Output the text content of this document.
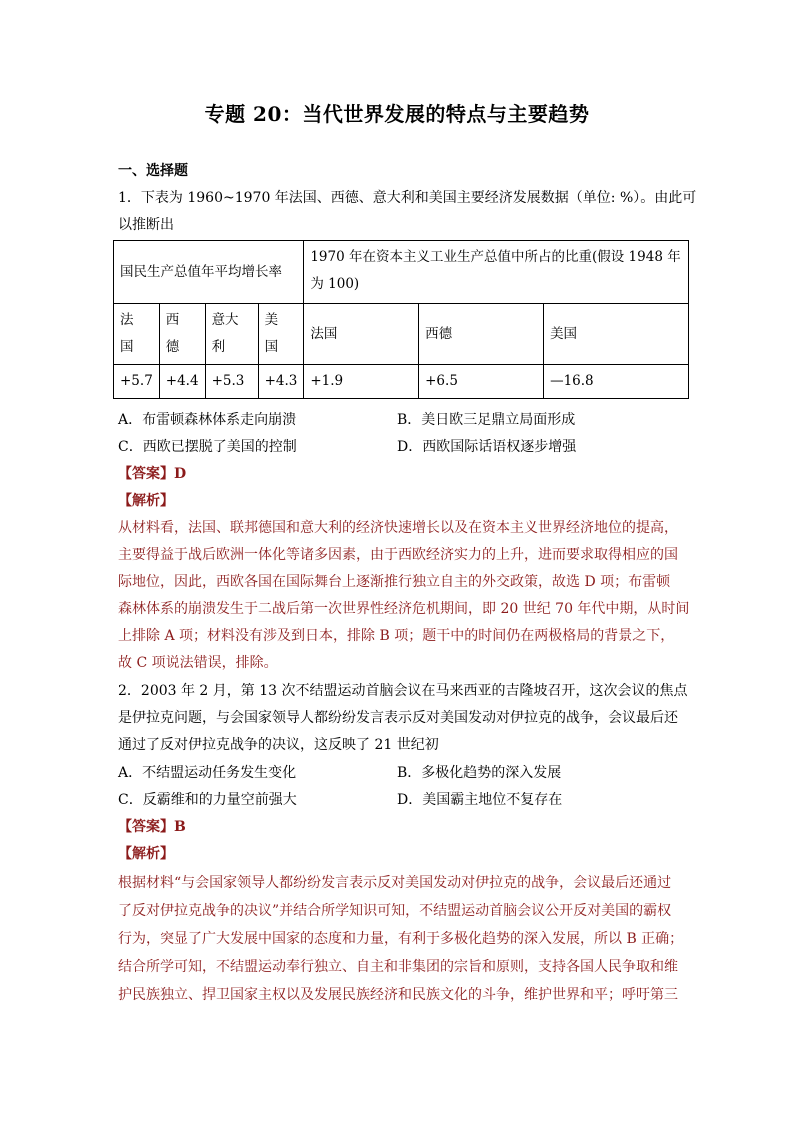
专题 20：当代世界发展的特点与主要趋势
一、选择题
1．下表为 1960~1970 年法国、西德、意大利和美国主要经济发展数据（单位: %）。由此可
以推断出
国民生产总值年平均增长率				1970 年在资本主义工业生产总值中所占的比重(假设 1948 年
为 100)		

法
国	西
德	意大
利	美
国	法国	西德	美国
+5.7	+4.4	+5.3	+4.3	+1.9	+6.5	—16.8
A．布雷顿森林体系走向崩溃	B．美日欧三足鼎立局面形成
C．西欧已摆脱了美国的控制	D．西欧国际话语权逐步增强
【答案】D
【解析】
从材料看，法国、联邦德国和意大利的经济快速增长以及在资本主义世界经济地位的提高，
主要得益于战后欧洲一体化等诸多因素，由于西欧经济实力的上升，进而要求取得相应的国
际地位，因此，西欧各国在国际舞台上逐渐推行独立自主的外交政策，故选 D 项；布雷顿
森林体系的崩溃发生于二战后第一次世界性经济危机期间，即 20 世纪 70 年代中期，从时间
上排除 A 项；材料没有涉及到日本，排除 B 项；题干中的时间仍在两极格局的背景之下，
故 C 项说法错误，排除。
2．2003 年 2 月，第 13 次不结盟运动首脑会议在马来西亚的吉隆坡召开，这次会议的焦点
是伊拉克问题，与会国家领导人都纷纷发言表示反对美国发动对伊拉克的战争，会议最后还
通过了反对伊拉克战争的决议，这反映了 21 世纪初
A．不结盟运动任务发生变化	B．多极化趋势的深入发展
C．反霸维和的力量空前强大	D．美国霸主地位不复存在
【答案】B
【解析】
根据材料“与会国家领导人都纷纷发言表示反对美国发动对伊拉克的战争，会议最后还通过
了反对伊拉克战争的决议”并结合所学知识可知，不结盟运动首脑会议公开反对美国的霸权
行为，突显了广大发展中国家的态度和力量，有利于多极化趋势的深入发展，所以 B 正确；
结合所学可知，不结盟运动奉行独立、自主和非集团的宗旨和原则，支持各国人民争取和维
护民族独立、捍卫国家主权以及发展民族经济和民族文化的斗争，维护世界和平；呼吁第三
